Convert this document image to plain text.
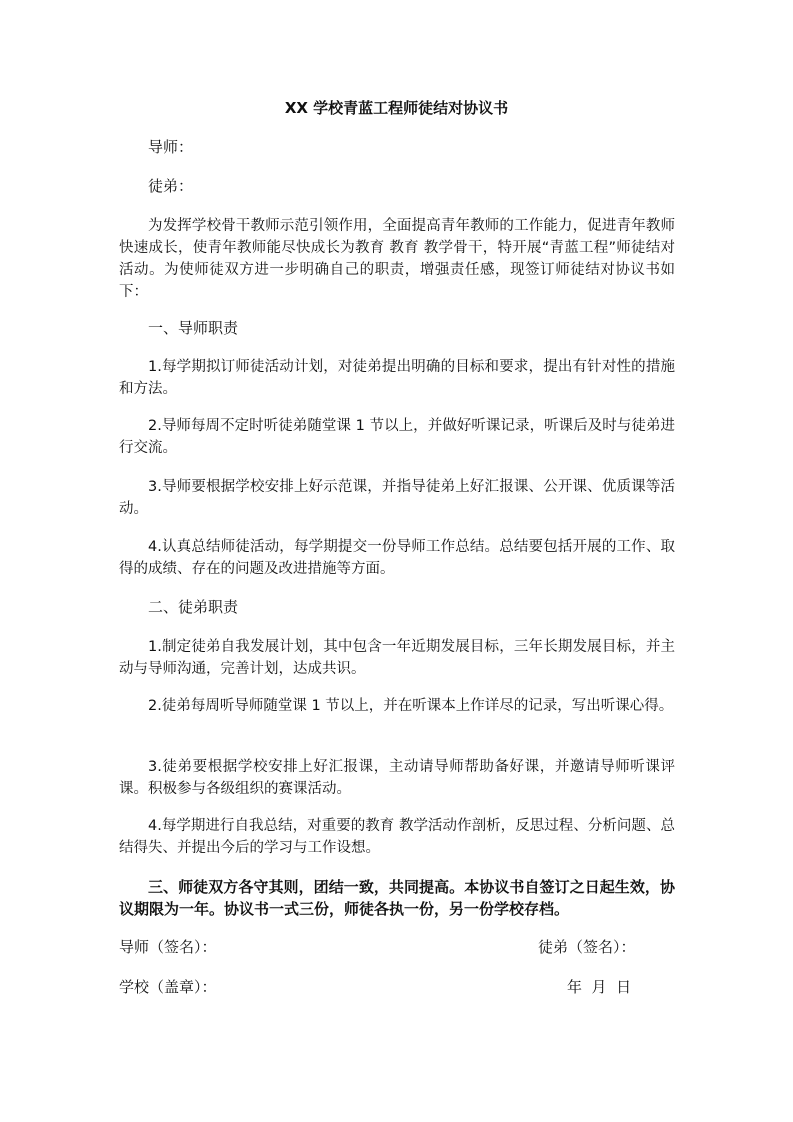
XX 学校青蓝工程师徒结对协议书
导师：
徒弟：

为发挥学校骨干教师示范引领作用，全面提高青年教师的工作能力，促进青年教师快速成长，使青年教师能尽快成长为教育 教育 教学骨干，特开展“青蓝工程”师徒结对活动。为使师徒双方进一步明确自己的职责，增强责任感，现签订师徒结对协议书如下：

一、导师职责

1.每学期拟订师徒活动计划，对徒弟提出明确的目标和要求，提出有针对性的措施和方法。

2.导师每周不定时听徒弟随堂课 1 节以上，并做好听课记录，听课后及时与徒弟进行交流。

3.导师要根据学校安排上好示范课，并指导徒弟上好汇报课、公开课、优质课等活动。

4.认真总结师徒活动，每学期提交一份导师工作总结。总结要包括开展的工作、取得的成绩、存在的问题及改进措施等方面。

二、徒弟职责

1.制定徒弟自我发展计划，其中包含一年近期发展目标，三年长期发展目标，并主动与导师沟通，完善计划，达成共识。

2.徒弟每周听导师随堂课 1 节以上，并在听课本上作详尽的记录，写出听课心得。

3.徒弟要根据学校安排上好汇报课，主动请导师帮助备好课，并邀请导师听课评课。积极参与各级组织的赛课活动。

4.每学期进行自我总结，对重要的教育 教学活动作剖析，反思过程、分析问题、总结得失、并提出今后的学习与工作设想。

三、师徒双方各守其则，团结一致，共同提高。本协议书自签订之日起生效，协议期限为一年。协议书一式三份，师徒各执一份，另一份学校存档。

导师（签名）：	徒弟（签名）：
学校（盖章）：	年  月  日
